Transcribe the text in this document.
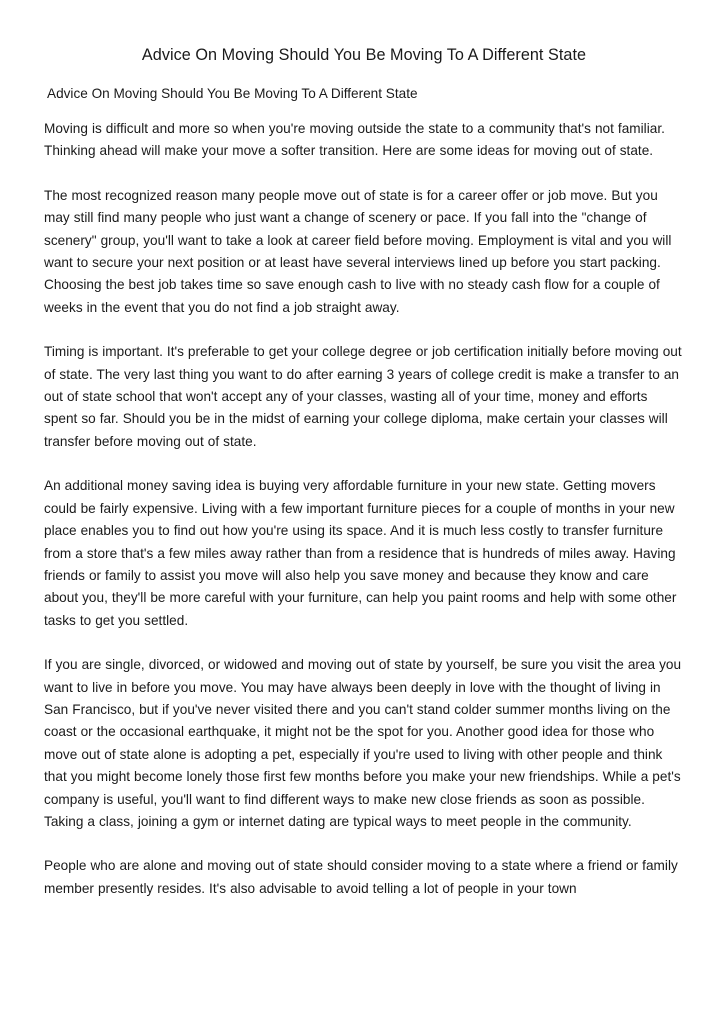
Advice On Moving Should You Be Moving To A Different State
Advice On Moving Should You Be Moving To A Different State

Moving is difficult and more so when you're moving outside the state to a community that's not familiar. Thinking ahead will make your move a softer transition. Here are some ideas for moving out of state.

The most recognized reason many people move out of state is for a career offer or job move. But you may still find many people who just want a change of scenery or pace. If you fall into the "change of scenery" group, you'll want to take a look at career field before moving. Employment is vital and you will want to secure your next position or at least have several interviews lined up before you start packing. Choosing the best job takes time so save enough cash to live with no steady cash flow for a couple of weeks in the event that you do not find a job straight away.

Timing is important. It's preferable to get your college degree or job certification initially before moving out of state. The very last thing you want to do after earning 3 years of college credit is make a transfer to an out of state school that won't accept any of your classes, wasting all of your time, money and efforts spent so far. Should you be in the midst of earning your college diploma, make certain your classes will transfer before moving out of state.

An additional money saving idea is buying very affordable furniture in your new state. Getting movers could be fairly expensive. Living with a few important furniture pieces for a couple of months in your new place enables you to find out how you're using its space. And it is much less costly to transfer furniture from a store that's a few miles away rather than from a residence that is hundreds of miles away. Having friends or family to assist you move will also help you save money and because they know and care about you, they'll be more careful with your furniture, can help you paint rooms and help with some other tasks to get you settled.

If you are single, divorced, or widowed and moving out of state by yourself, be sure you visit the area you want to live in before you move. You may have always been deeply in love with the thought of living in San Francisco, but if you've never visited there and you can't stand colder summer months living on the coast or the occasional earthquake, it might not be the spot for you. Another good idea for those who move out of state alone is adopting a pet, especially if you're used to living with other people and think that you might become lonely those first few months before you make your new friendships. While a pet's company is useful, you'll want to find different ways to make new close friends as soon as possible. Taking a class, joining a gym or internet dating are typical ways to meet people in the community.

People who are alone and moving out of state should consider moving to a state where a friend or family member presently resides. It's also advisable to avoid telling a lot of people in your town
